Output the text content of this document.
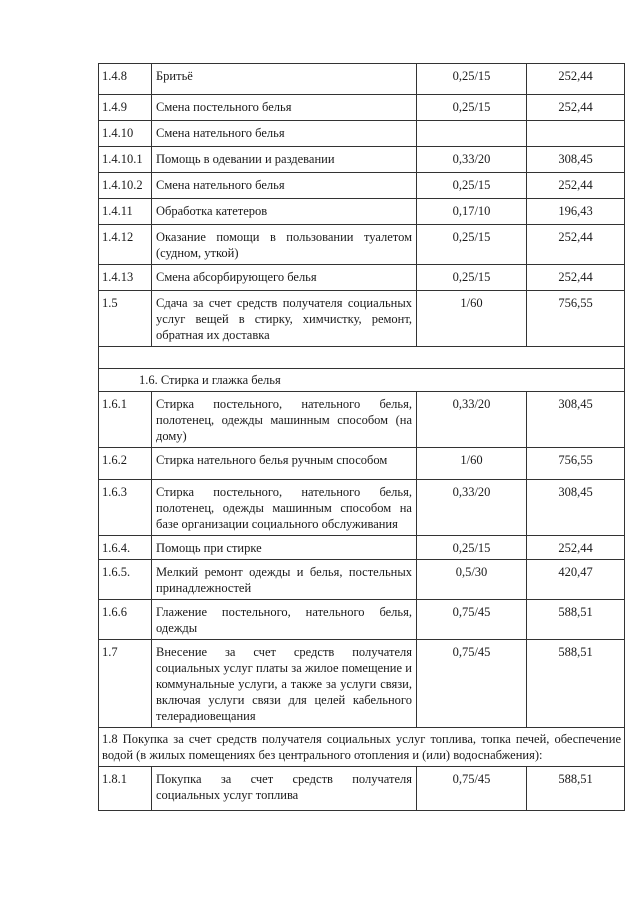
1.4.8	Бритьё	0,25/15	252,44
1.4.9	Смена постельного белья	0,25/15	252,44
1.4.10	Смена нательного белья		
1.4.10.1	Помощь в одевании и раздевании	0,33/20	308,45
1.4.10.2	Смена нательного белья	0,25/15	252,44
1.4.11	Обработка катетеров	0,17/10	196,43
1.4.12	Оказание помощи в пользовании туалетом (судном, уткой)	0,25/15	252,44
1.4.13	Смена абсорбирующего белья	0,25/15	252,44
1.5	Сдача за счет средств получателя социальных услуг вещей в стирку, химчистку, ремонт, обратная их доставка	1/60	756,55

1.6. Стирка и глажка белья			
1.6.1	Стирка постельного, нательного белья, полотенец, одежды машинным способом (на дому)	0,33/20	308,45
1.6.2	Стирка нательного белья ручным способом	1/60	756,55
1.6.3	Стирка постельного, нательного белья, полотенец, одежды машинным способом на базе организации социального обслуживания	0,33/20	308,45
1.6.4.	Помощь при стирке	0,25/15	252,44
1.6.5.	Мелкий ремонт одежды и белья, постельных принадлежностей	0,5/30	420,47
1.6.6	Глажение постельного, нательного белья, одежды	0,75/45	588,51
1.7	Внесение за счет средств получателя социальных услуг платы за жилое помещение и коммунальные услуги, а также за услуги связи, включая услуги связи для целей кабельного телерадиовещания	0,75/45	588,51
1.8 Покупка за счет средств получателя социальных услуг топлива, топка печей, обеспечение водой (в жилых помещениях без центрального отопления и (или) водоснабжения):			
1.8.1	Покупка за счет средств получателя социальных услуг топлива	0,75/45	588,51
